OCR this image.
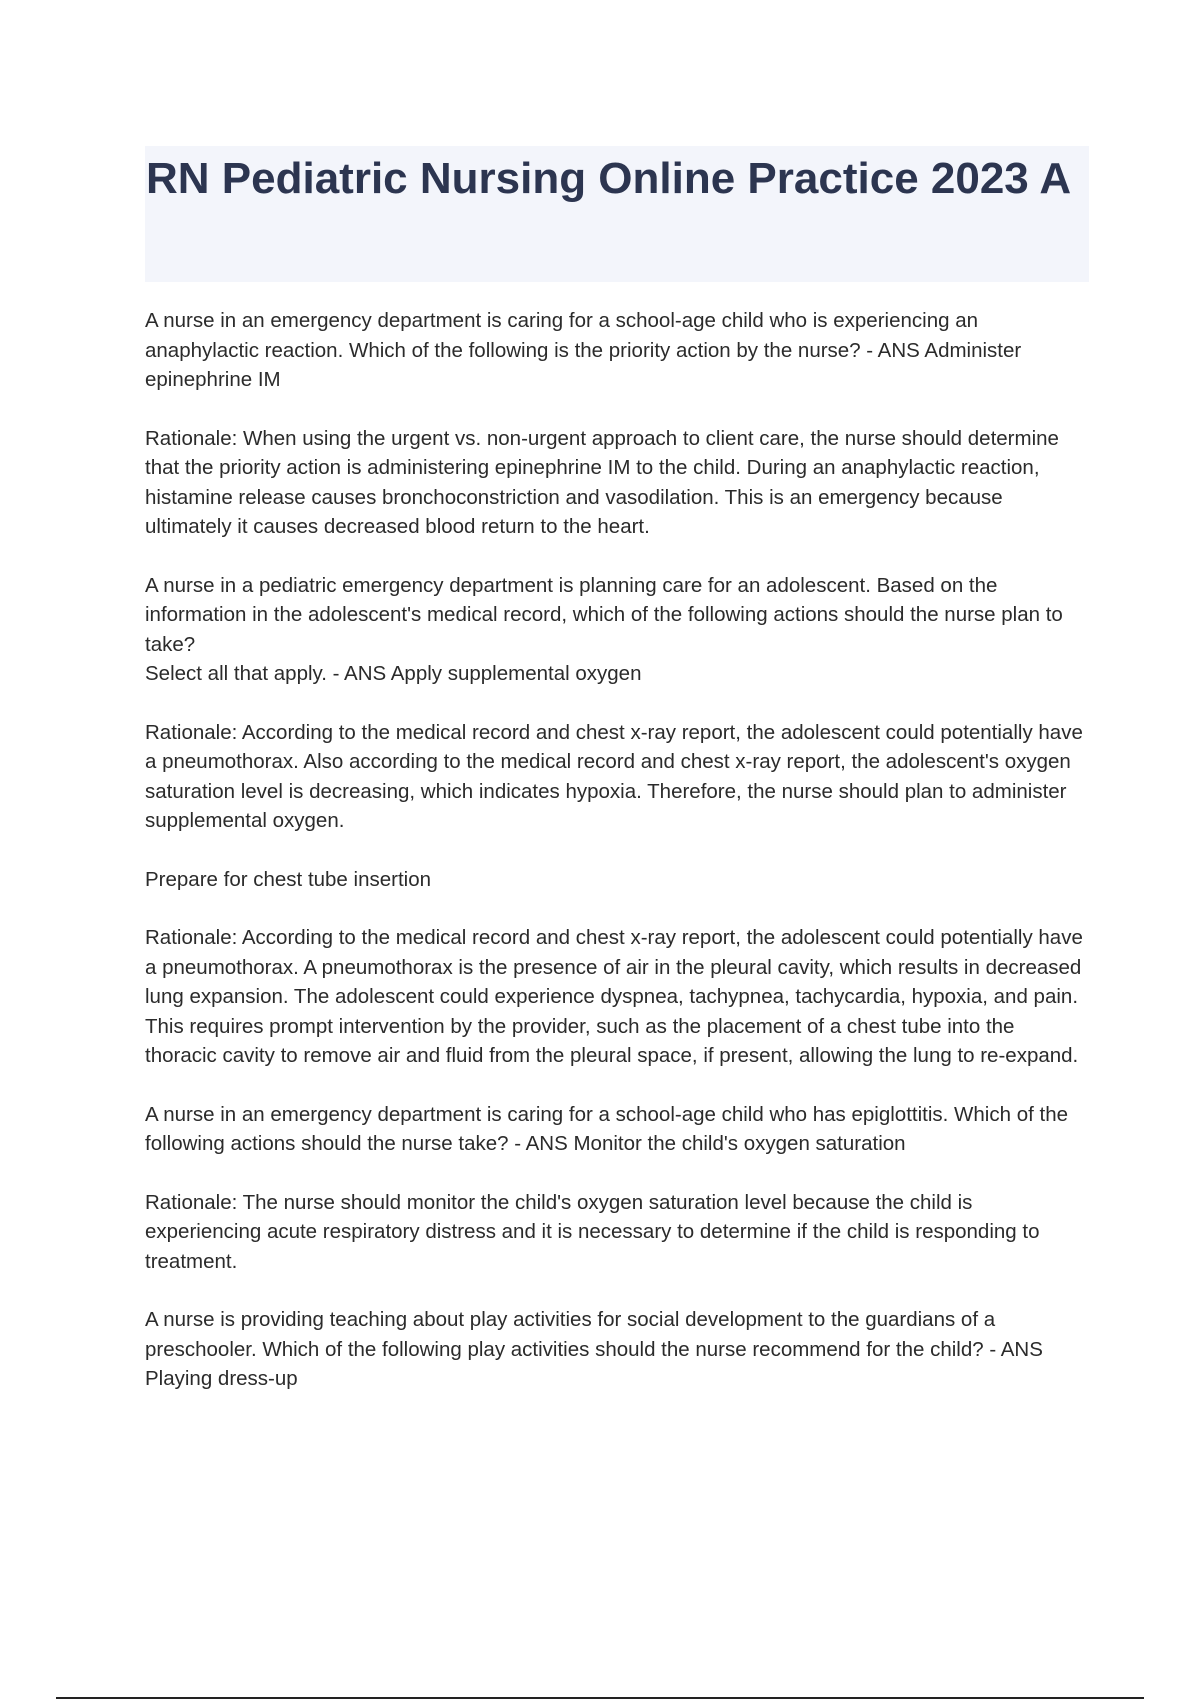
RN Pediatric Nursing Online Practice 2023 A

A nurse in an emergency department is caring for a school-age child who is experiencing an anaphylactic reaction. Which of the following is the priority action by the nurse? - ANS Administer epinephrine IM

Rationale: When using the urgent vs. non-urgent approach to client care, the nurse should determine that the priority action is administering epinephrine IM to the child. During an anaphylactic reaction, histamine release causes bronchoconstriction and vasodilation. This is an emergency because ultimately it causes decreased blood return to the heart.

A nurse in a pediatric emergency department is planning care for an adolescent. Based on the information in the adolescent's medical record, which of the following actions should the nurse plan to take?
Select all that apply. - ANS Apply supplemental oxygen

Rationale: According to the medical record and chest x-ray report, the adolescent could potentially have a pneumothorax. Also according to the medical record and chest x-ray report, the adolescent's oxygen saturation level is decreasing, which indicates hypoxia. Therefore, the nurse should plan to administer supplemental oxygen.

Prepare for chest tube insertion

Rationale: According to the medical record and chest x-ray report, the adolescent could potentially have a pneumothorax. A pneumothorax is the presence of air in the pleural cavity, which results in decreased lung expansion. The adolescent could experience dyspnea, tachypnea, tachycardia, hypoxia, and pain. This requires prompt intervention by the provider, such as the placement of a chest tube into the thoracic cavity to remove air and fluid from the pleural space, if present, allowing the lung to re-expand.

A nurse in an emergency department is caring for a school-age child who has epiglottitis. Which of the following actions should the nurse take? - ANS Monitor the child's oxygen saturation

Rationale: The nurse should monitor the child's oxygen saturation level because the child is experiencing acute respiratory distress and it is necessary to determine if the child is responding to treatment.

A nurse is providing teaching about play activities for social development to the guardians of a preschooler. Which of the following play activities should the nurse recommend for the child? - ANS Playing dress-up
